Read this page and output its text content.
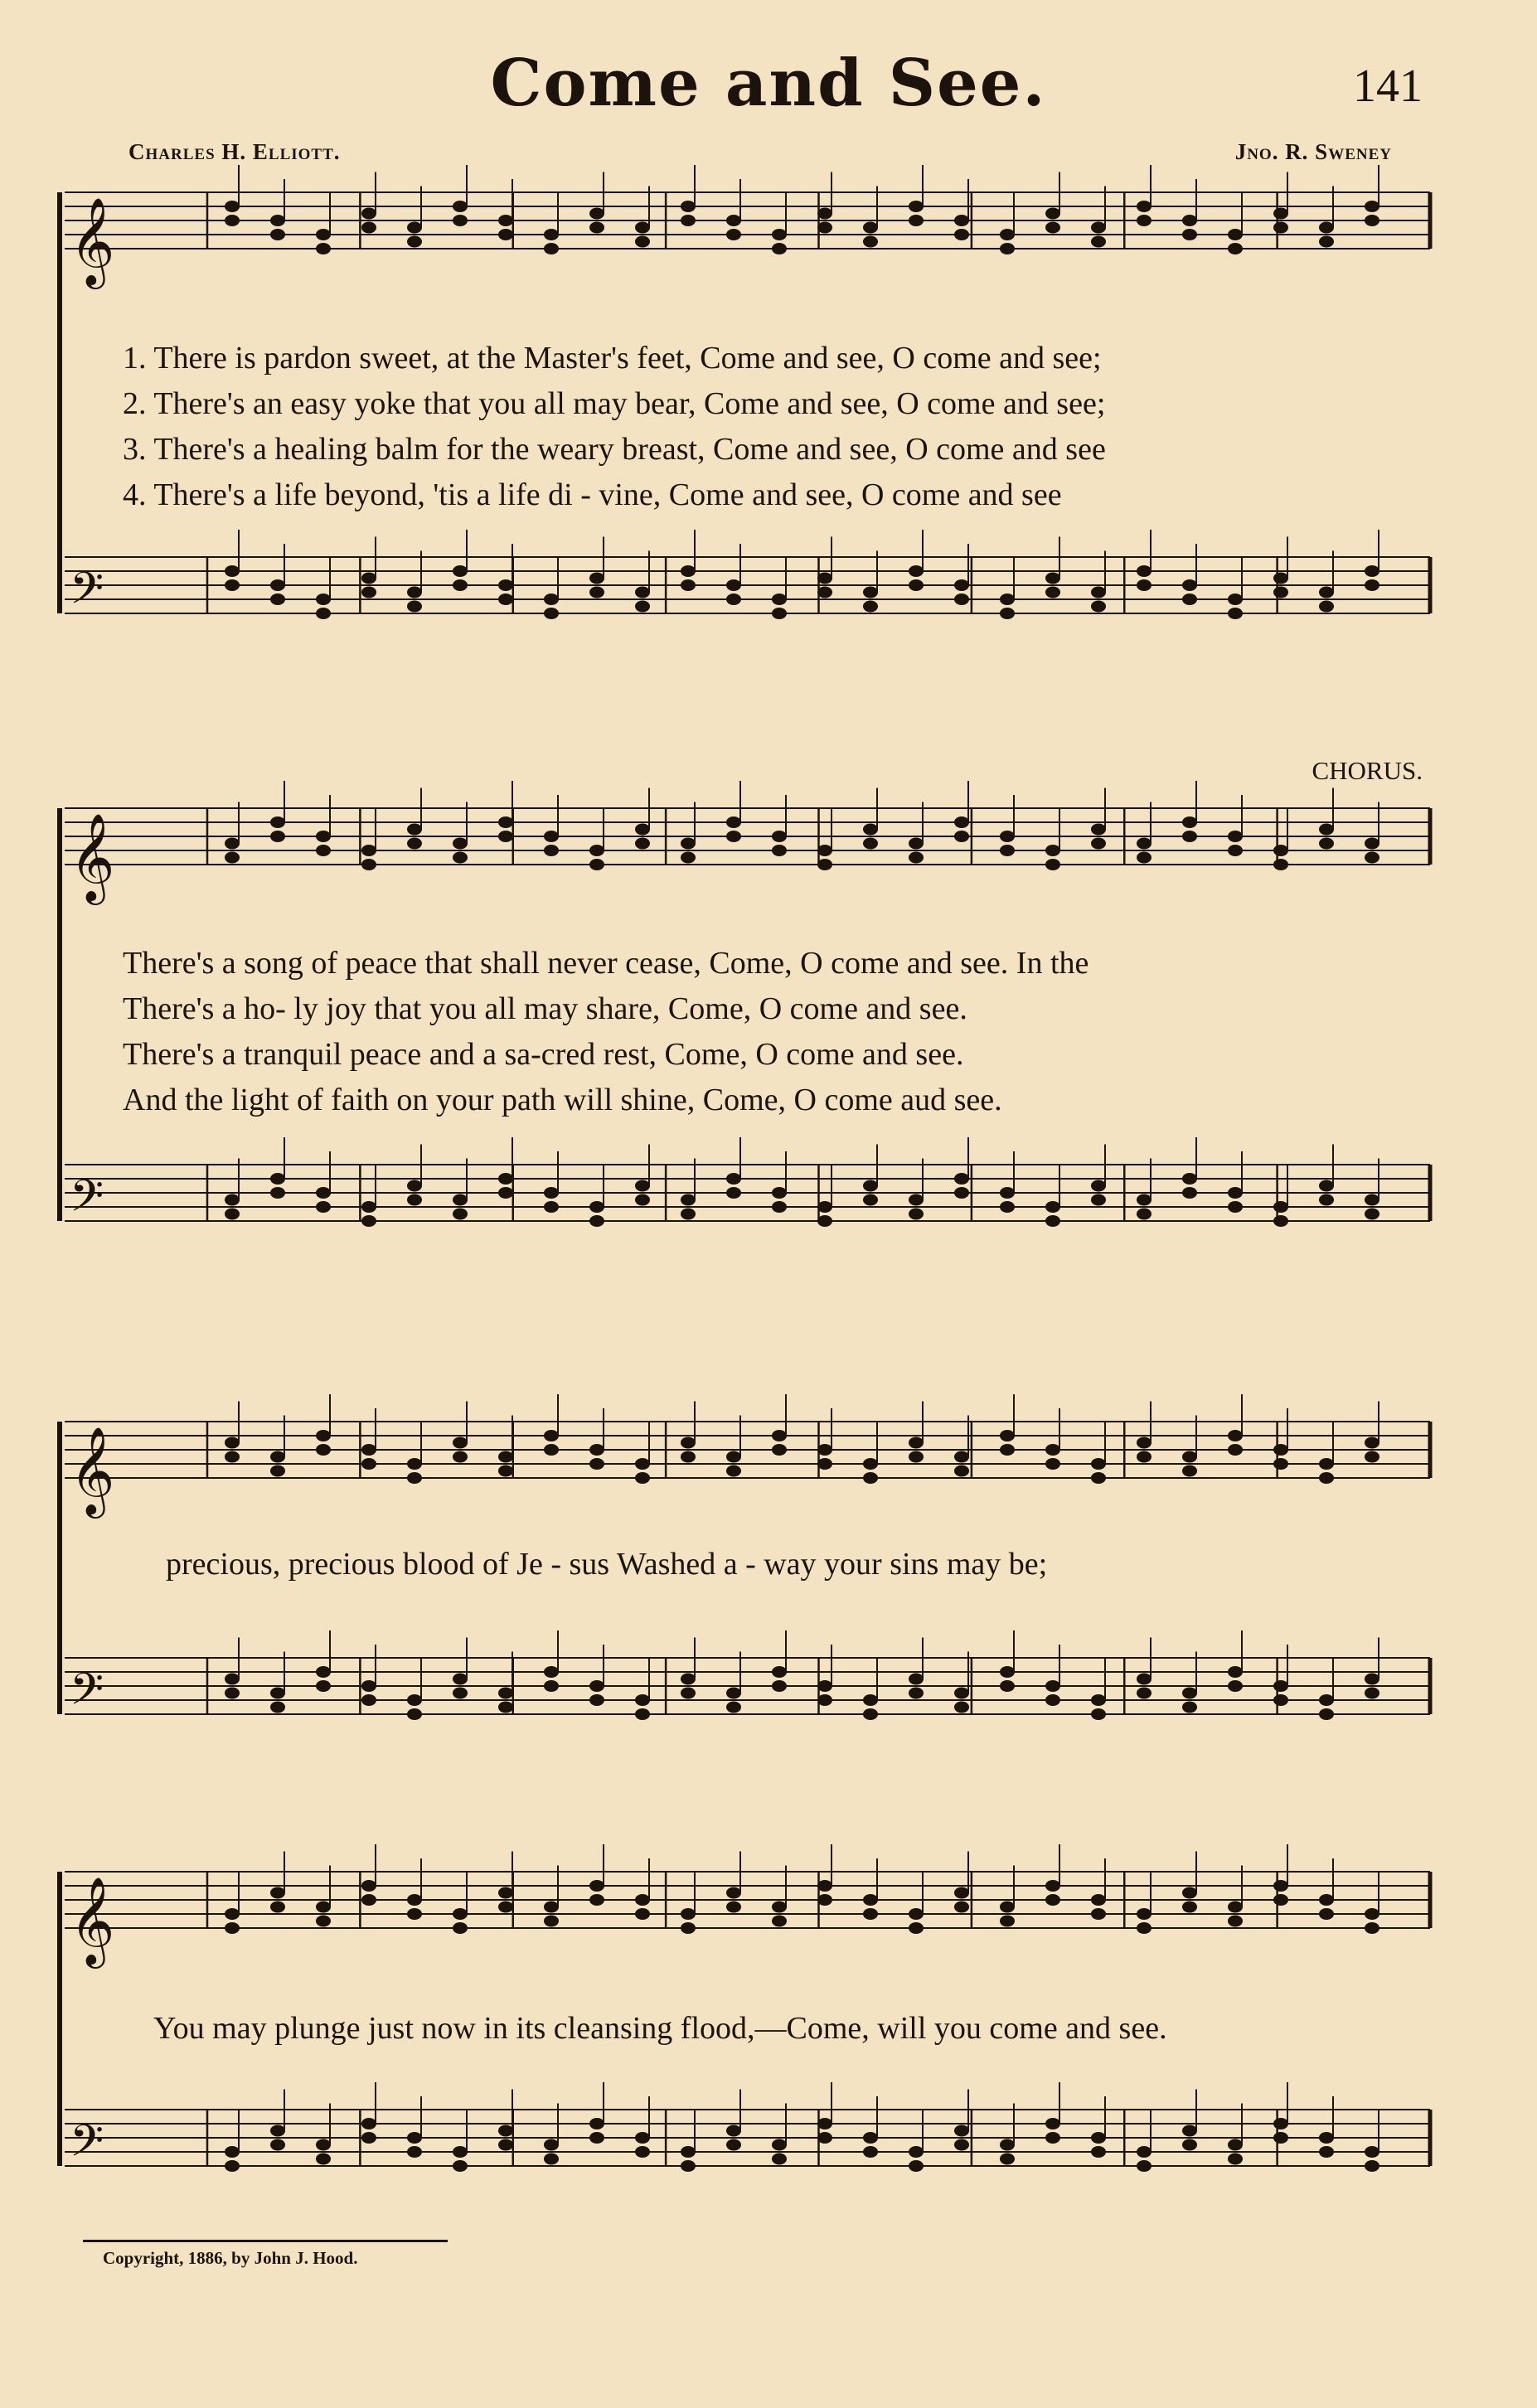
Come and See.	141
Charles H. Elliott.	Jno. R. Sweney
CHORUS.
𝄞
𝄢
𝄞
𝄢
𝄞
𝄢
𝄞
𝄢
1. There is pardon sweet, at the Master's feet, Come and see, O come and see;
2. There's an easy yoke that you all may bear, Come and see, O come and see;
3. There's a healing balm for the weary breast, Come and see, O come and see
4. There's a life beyond, 'tis a life di - vine, Come and see, O come and see
There's a song of peace that shall never cease, Come, O come and see. In the
There's a ho- ly joy that you all may share, Come, O come and see.
There's a tranquil peace and a sa-cred rest, Come, O come and see.
And the light of faith on your path will shine, Come, O come aud see.
precious, precious blood of Je - sus Washed a - way your sins may be;
You may plunge just now in its cleansing flood,—Come, will you come and see.
Copyright, 1886, by John J. Hood.
